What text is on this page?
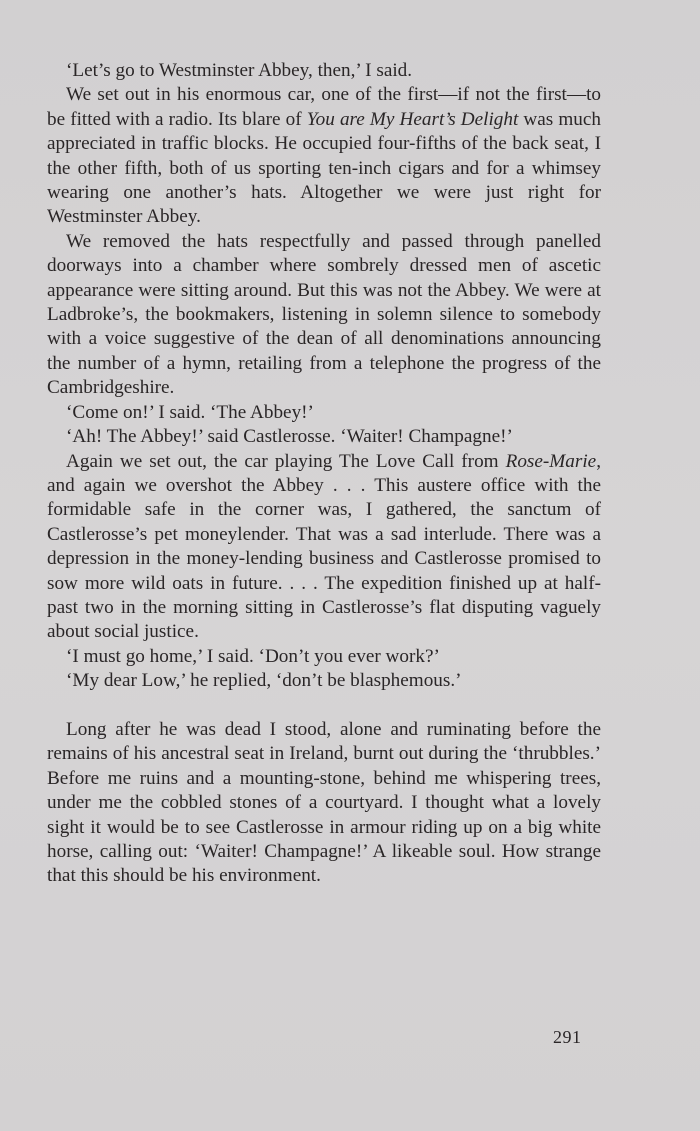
‘Let’s go to Westminster Abbey, then,’ I said.

We set out in his enormous car, one of the first—if not the first—to be fitted with a radio. Its blare of You are My Heart’s Delight was much appreciated in traffic blocks. He occupied four-fifths of the back seat, I the other fifth, both of us sporting ten-inch cigars and for a whimsey wearing one another’s hats. Altogether we were just right for Westminster Abbey.

We removed the hats respectfully and passed through panelled doorways into a chamber where sombrely dressed men of ascetic appearance were sitting around. But this was not the Abbey. We were at Ladbroke’s, the bookmakers, listening in solemn silence to somebody with a voice suggestive of the dean of all denominations announcing the number of a hymn, retailing from a telephone the progress of the Cambridgeshire.

‘Come on!’ I said. ‘The Abbey!’

‘Ah! The Abbey!’ said Castlerosse. ‘Waiter! Champagne!’

Again we set out, the car playing The Love Call from Rose-Marie, and again we overshot the Abbey . . . This austere office with the formidable safe in the corner was, I gathered, the sanctum of Castlerosse’s pet moneylender. That was a sad interlude. There was a depression in the money-lending business and Castlerosse promised to sow more wild oats in future. . . . The expedition finished up at half-past two in the morning sitting in Castlerosse’s flat disputing vaguely about social justice.

‘I must go home,’ I said. ‘Don’t you ever work?’

‘My dear Low,’ he replied, ‘don’t be blasphemous.’

Long after he was dead I stood, alone and ruminating before the remains of his ancestral seat in Ireland, burnt out during the ‘thrubbles.’ Before me ruins and a mounting-stone, behind me whispering trees, under me the cobbled stones of a courtyard. I thought what a lovely sight it would be to see Castlerosse in armour riding up on a big white horse, calling out: ‘Waiter! Champagne!’ A likeable soul. How strange that this should be his environment.

291
